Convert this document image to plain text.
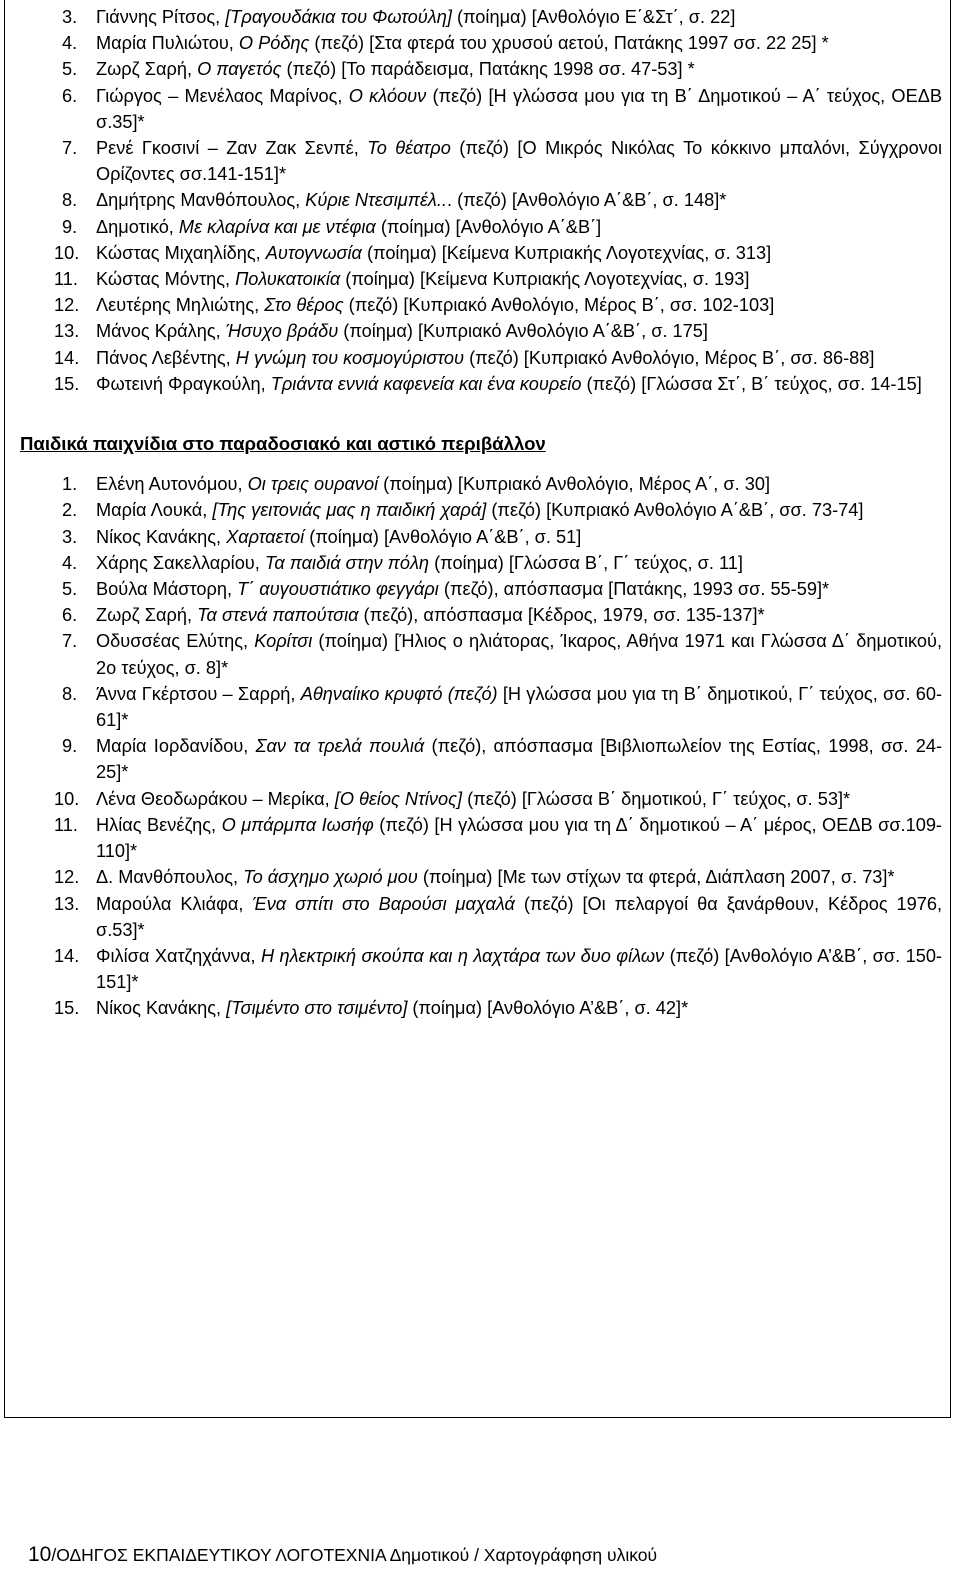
3.	Γιάννης Ρίτσος, [Τραγουδάκια του Φωτούλη] (ποίημα) [Ανθολόγιο Ε΄&Στ΄, σ. 22]
4.	Μαρία Πυλιώτου, Ο Ρόδης (πεζό) [Στα φτερά του χρυσού αετού, Πατάκης 1997 σσ. 22 25] *
5.	Ζωρζ Σαρή, Ο παγετός (πεζό) [Το παράδεισμα, Πατάκης 1998 σσ. 47-53] *
6.	Γιώργος – Μενέλαος Μαρίνος, Ο κλόουν (πεζό) [Η γλώσσα μου για τη Β΄ Δημοτικού – Α΄ τεύχος, ΟΕΔΒ σ.35]*
7.	Ρενέ Γκοσινί – Ζαν Ζακ Σενπέ, Το θέατρο (πεζό) [Ο Μικρός Νικόλας Το κόκκινο μπαλόνι, Σύγχρονοι Ορίζοντες σσ.141-151]*
8.	Δημήτρης Μανθόπουλος, Κύριε Ντεσιμπέλ... (πεζό) [Ανθολόγιο Α΄&Β΄, σ. 148]*
9.	Δημοτικό, Με κλαρίνα και με ντέφια (ποίημα) [Ανθολόγιο Α΄&Β΄]
10. Κώστας Μιχαηλίδης, Αυτογνωσία (ποίημα) [Κείμενα Κυπριακής Λογοτεχνίας, σ. 313]
11. Κώστας Μόντης, Πολυκατοικία (ποίημα) [Κείμενα Κυπριακής Λογοτεχνίας, σ. 193]
12. Λευτέρης Μηλιώτης, Στο θέρος (πεζό) [Κυπριακό Ανθολόγιο, Μέρος Β΄, σσ. 102-103]
13. Μάνος Κράλης, Ήσυχο βράδυ (ποίημα) [Κυπριακό Ανθολόγιο Α΄&Β΄, σ. 175]
14. Πάνος Λεβέντης, Η γνώμη του κοσμογύριστου (πεζό) [Κυπριακό Ανθολόγιο, Μέρος Β΄, σσ. 86-88]
15. Φωτεινή Φραγκούλη, Τριάντα εννιά καφενεία και ένα κουρείο (πεζό) [Γλώσσα Στ΄, Β΄ τεύχος, σσ. 14-15]
Παιδικά παιχνίδια στο παραδοσιακό και αστικό περιβάλλον
1.	Ελένη Αυτονόμου, Οι τρεις ουρανοί (ποίημα) [Κυπριακό Ανθολόγιο, Μέρος Α΄, σ. 30]
2.	Μαρία Λουκά, [Της γειτονιάς μας η παιδική χαρά] (πεζό) [Κυπριακό Ανθολόγιο Α΄&Β΄, σσ. 73-74]
3.	Νίκος Κανάκης, Χαρταετοί (ποίημα) [Ανθολόγιο Α΄&Β΄, σ. 51]
4.	Χάρης Σακελλαρίου, Τα παιδιά στην πόλη (ποίημα) [Γλώσσα Β΄, Γ΄ τεύχος, σ. 11]
5.	Βούλα Μάστορη, Τ΄ αυγουστιάτικο φεγγάρι (πεζό), απόσπασμα [Πατάκης, 1993 σσ. 55-59]*
6.	Ζωρζ Σαρή, Τα στενά παπούτσια (πεζό), απόσπασμα [Κέδρος, 1979, σσ. 135-137]*
7.	Οδυσσέας Ελύτης, Κορίτσι (ποίημα) [Ήλιος ο ηλιάτορας, Ίκαρος, Αθήνα 1971 και Γλώσσα Δ΄ δημοτικού, 2ο τεύχος, σ. 8]*
8.	Άννα Γκέρτσου – Σαρρή, Αθηναίικο κρυφτό (πεζό) [Η γλώσσα μου για τη Β΄ δημοτικού, Γ΄ τεύχος, σσ. 60-61]*
9.	Μαρία Ιορδανίδου, Σαν τα τρελά πουλιά (πεζό), απόσπασμα [Βιβλιοπωλείον της Εστίας, 1998, σσ. 24-25]*
10. Λένα Θεοδωράκου – Μερίκα, [Ο θείος Ντίνος] (πεζό) [Γλώσσα Β΄ δημοτικού, Γ΄ τεύχος, σ. 53]*
11. Ηλίας Βενέζης, Ο μπάρμπα Ιωσήφ (πεζό) [Η γλώσσα μου για τη Δ΄ δημοτικού – Α΄ μέρος, ΟΕΔΒ σσ.109-110]*
12. Δ. Μανθόπουλος, Το άσχημο χωριό μου (ποίημα) [Με των στίχων τα φτερά, Διάπλαση 2007, σ. 73]*
13. Μαρούλα Κλιάφα, Ένα σπίτι στο Βαρούσι μαχαλά (πεζό) [Οι πελαργοί θα ξανάρθουν, Κέδρος 1976, σ.53]*
14. Φιλίσα Χατζηχάννα, Η ηλεκτρική σκούπα και η λαχτάρα των δυο φίλων (πεζό) [Ανθολόγιο Α’&Β΄, σσ. 150-151]*
15. Νίκος Κανάκης, [Τσιμέντο στο τσιμέντο] (ποίημα) [Ανθολόγιο Α’&Β΄, σ. 42]*
10/ΟΔΗΓΟΣ ΕΚΠΑΙΔΕΥΤΙΚΟΥ ΛΟΓΟΤΕΧΝΙΑ Δημοτικού / Χαρτογράφηση υλικού
